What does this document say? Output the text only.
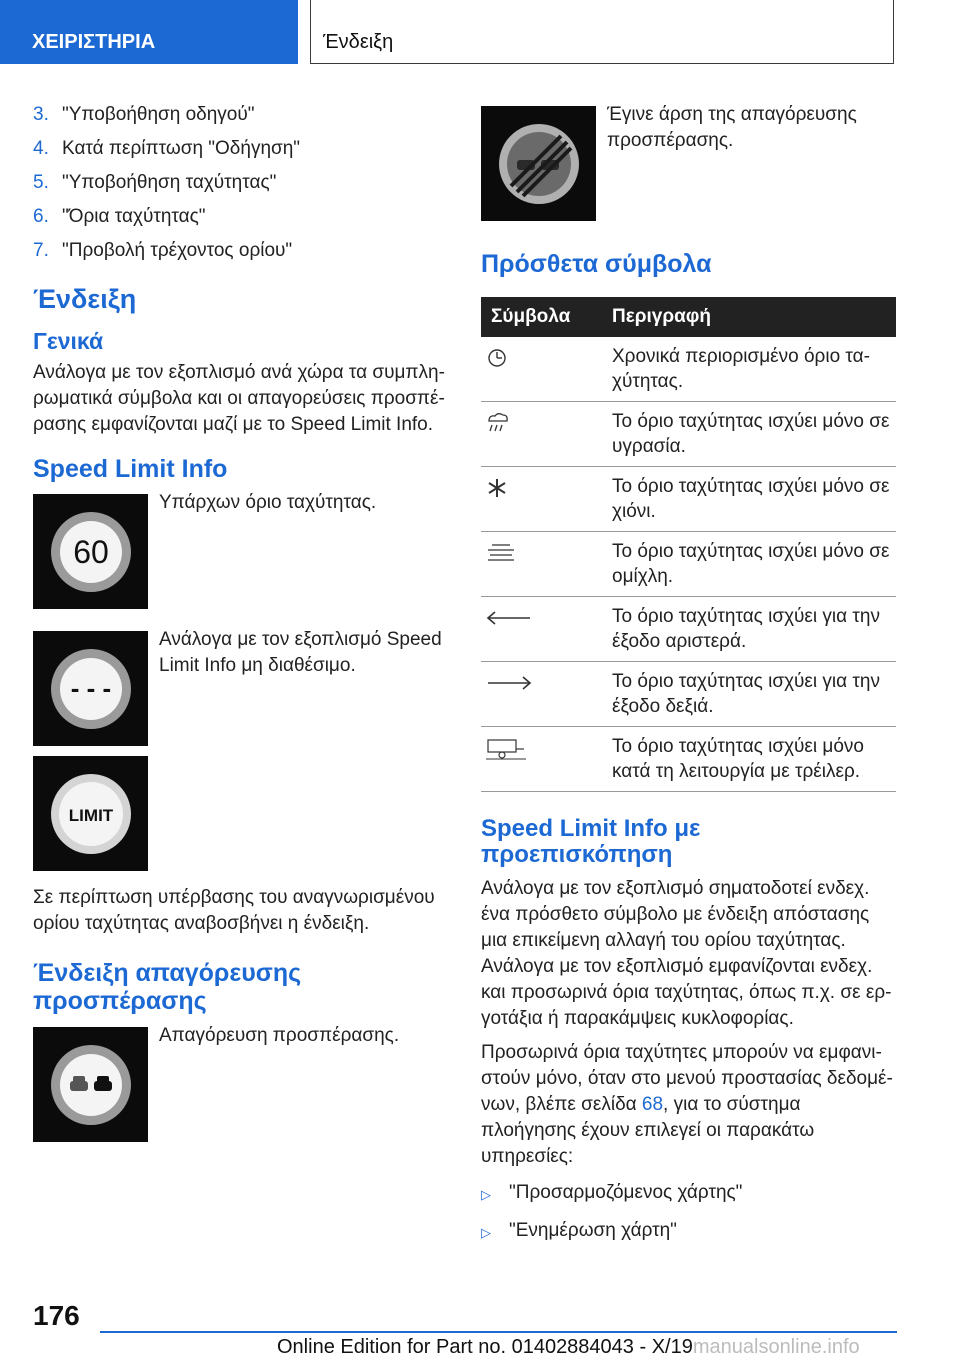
ΧΕΙΡΙΣΤΗΡΙΑ	Ένδειξη
3. "Υποβοήθηση οδηγού"
4. Κατά περίπτωση "Οδήγηση"
5. "Υποβοήθηση ταχύτητας"
6. "Όρια ταχύτητας"
7. "Προβολή τρέχοντος ορίου"
Ένδειξη
Γενικά

Ανάλογα με τον εξοπλισμό ανά χώρα τα συμπλη-ρωματικά σύμβολα και οι απαγορεύσεις προσπέ-ρασης εμφανίζονται μαζί με το Speed Limit Info.

Speed Limit Info
60
Υπάρχων όριο ταχύτητας.
- - -
Ανάλογα με τον εξοπλισμό Speed Limit Info μη διαθέσιμο.
LIMIT

Σε περίπτωση υπέρβασης του αναγνωρισμένου ορίου ταχύτητας αναβοσβήνει η ένδειξη.

Ένδειξη απαγόρευσης
προσπέρασης
Απαγόρευση προσπέρασης.
Έγινε άρση της απαγόρευσης προσπέρασης.
Πρόσθετα σύμβολα
Σύμβολα	Περιγραφή
	Χρονικά περιορισμένο όριο τα-χύτητας.
	Το όριο ταχύτητας ισχύει μόνο σε υγρασία.
	Το όριο ταχύτητας ισχύει μόνο σε χιόνι.
	Το όριο ταχύτητας ισχύει μόνο σε ομίχλη.
	Το όριο ταχύτητας ισχύει για την έξοδο αριστερά.
	Το όριο ταχύτητας ισχύει για την έξοδο δεξιά.
	Το όριο ταχύτητας ισχύει μόνο κατά τη λειτουργία με τρέιλερ.
Speed Limit Info με προεπισκόπηση

Ανάλογα με τον εξοπλισμό σηματοδοτεί ενδεχ. ένα πρόσθετο σύμβολο με ένδειξη απόστασης μια επικείμενη αλλαγή του ορίου ταχύτητας. Ανάλογα με τον εξοπλισμό εμφανίζονται ενδεχ. και προσωρινά όρια ταχύτητας, όπως π.χ. σε ερ-γοτάξια ή παρακάμψεις κυκλοφορίας.

Προσωρινά όρια ταχύτητες μπορούν να εμφανι-στούν μόνο, όταν στο μενού προστασίας δεδομέ-νων, βλέπε σελίδα 68, για το σύστημα πλοήγησης έχουν επιλεγεί οι παρακάτω υπηρεσίες:

▷ "Προσαρμοζόμενος χάρτης"
▷ "Ενημέρωση χάρτη"
176
Online Edition for Part no. 01402884043 - X/19manualsonline.info
